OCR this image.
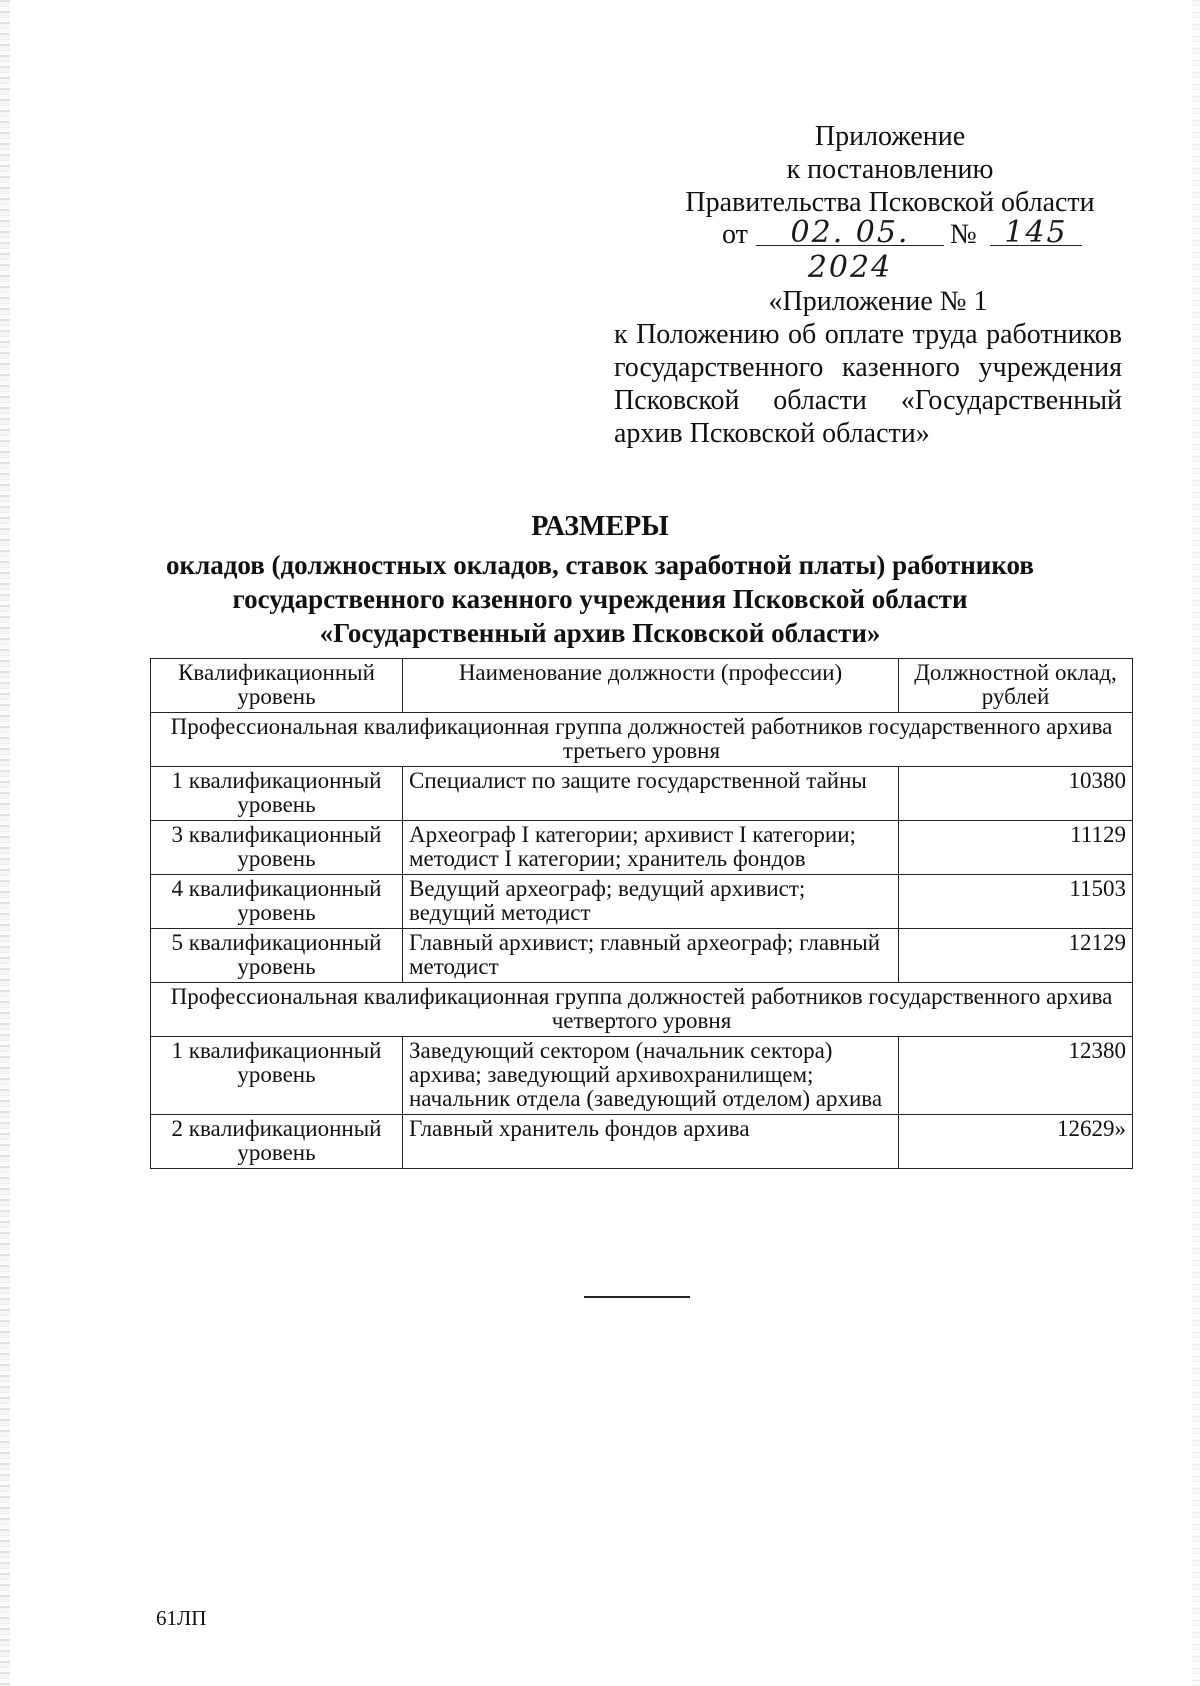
Приложение
к постановлению
Правительства Псковской области
от	02. 05. 2024
№ 145
«Приложение № 1
к Положению об оплате труда работников
государственного казенного учреждения
Псковской области «Государственный
архив Псковской области»
РАЗМЕРЫ
окладов (должностных окладов, ставок заработной платы) работников
государственного казенного учреждения Псковской области
«Государственный архив Псковской области»
Квалификационный уровень	Наименование должности (профессии)	Должностной оклад, рублей
Профессиональная квалификационная группа должностей работников государственного архива третьего уровня		
1 квалификационный уровень	Специалист по защите государственной тайны	10380
3 квалификационный уровень	Археограф I категории; архивист I категории; методист I категории; хранитель фондов	11129
4 квалификационный уровень	Ведущий археограф; ведущий архивист; ведущий методист	11503
5 квалификационный уровень	Главный архивист; главный археограф; главный методист	12129
Профессиональная квалификационная группа должностей работников государственного архива четвертого уровня		
1 квалификационный уровень	Заведующий сектором (начальник сектора) архива; заведующий архивохранилищем; начальник отдела (заведующий отделом) архива	12380
2 квалификационный уровень	Главный хранитель фондов архива	12629»
61ЛП
